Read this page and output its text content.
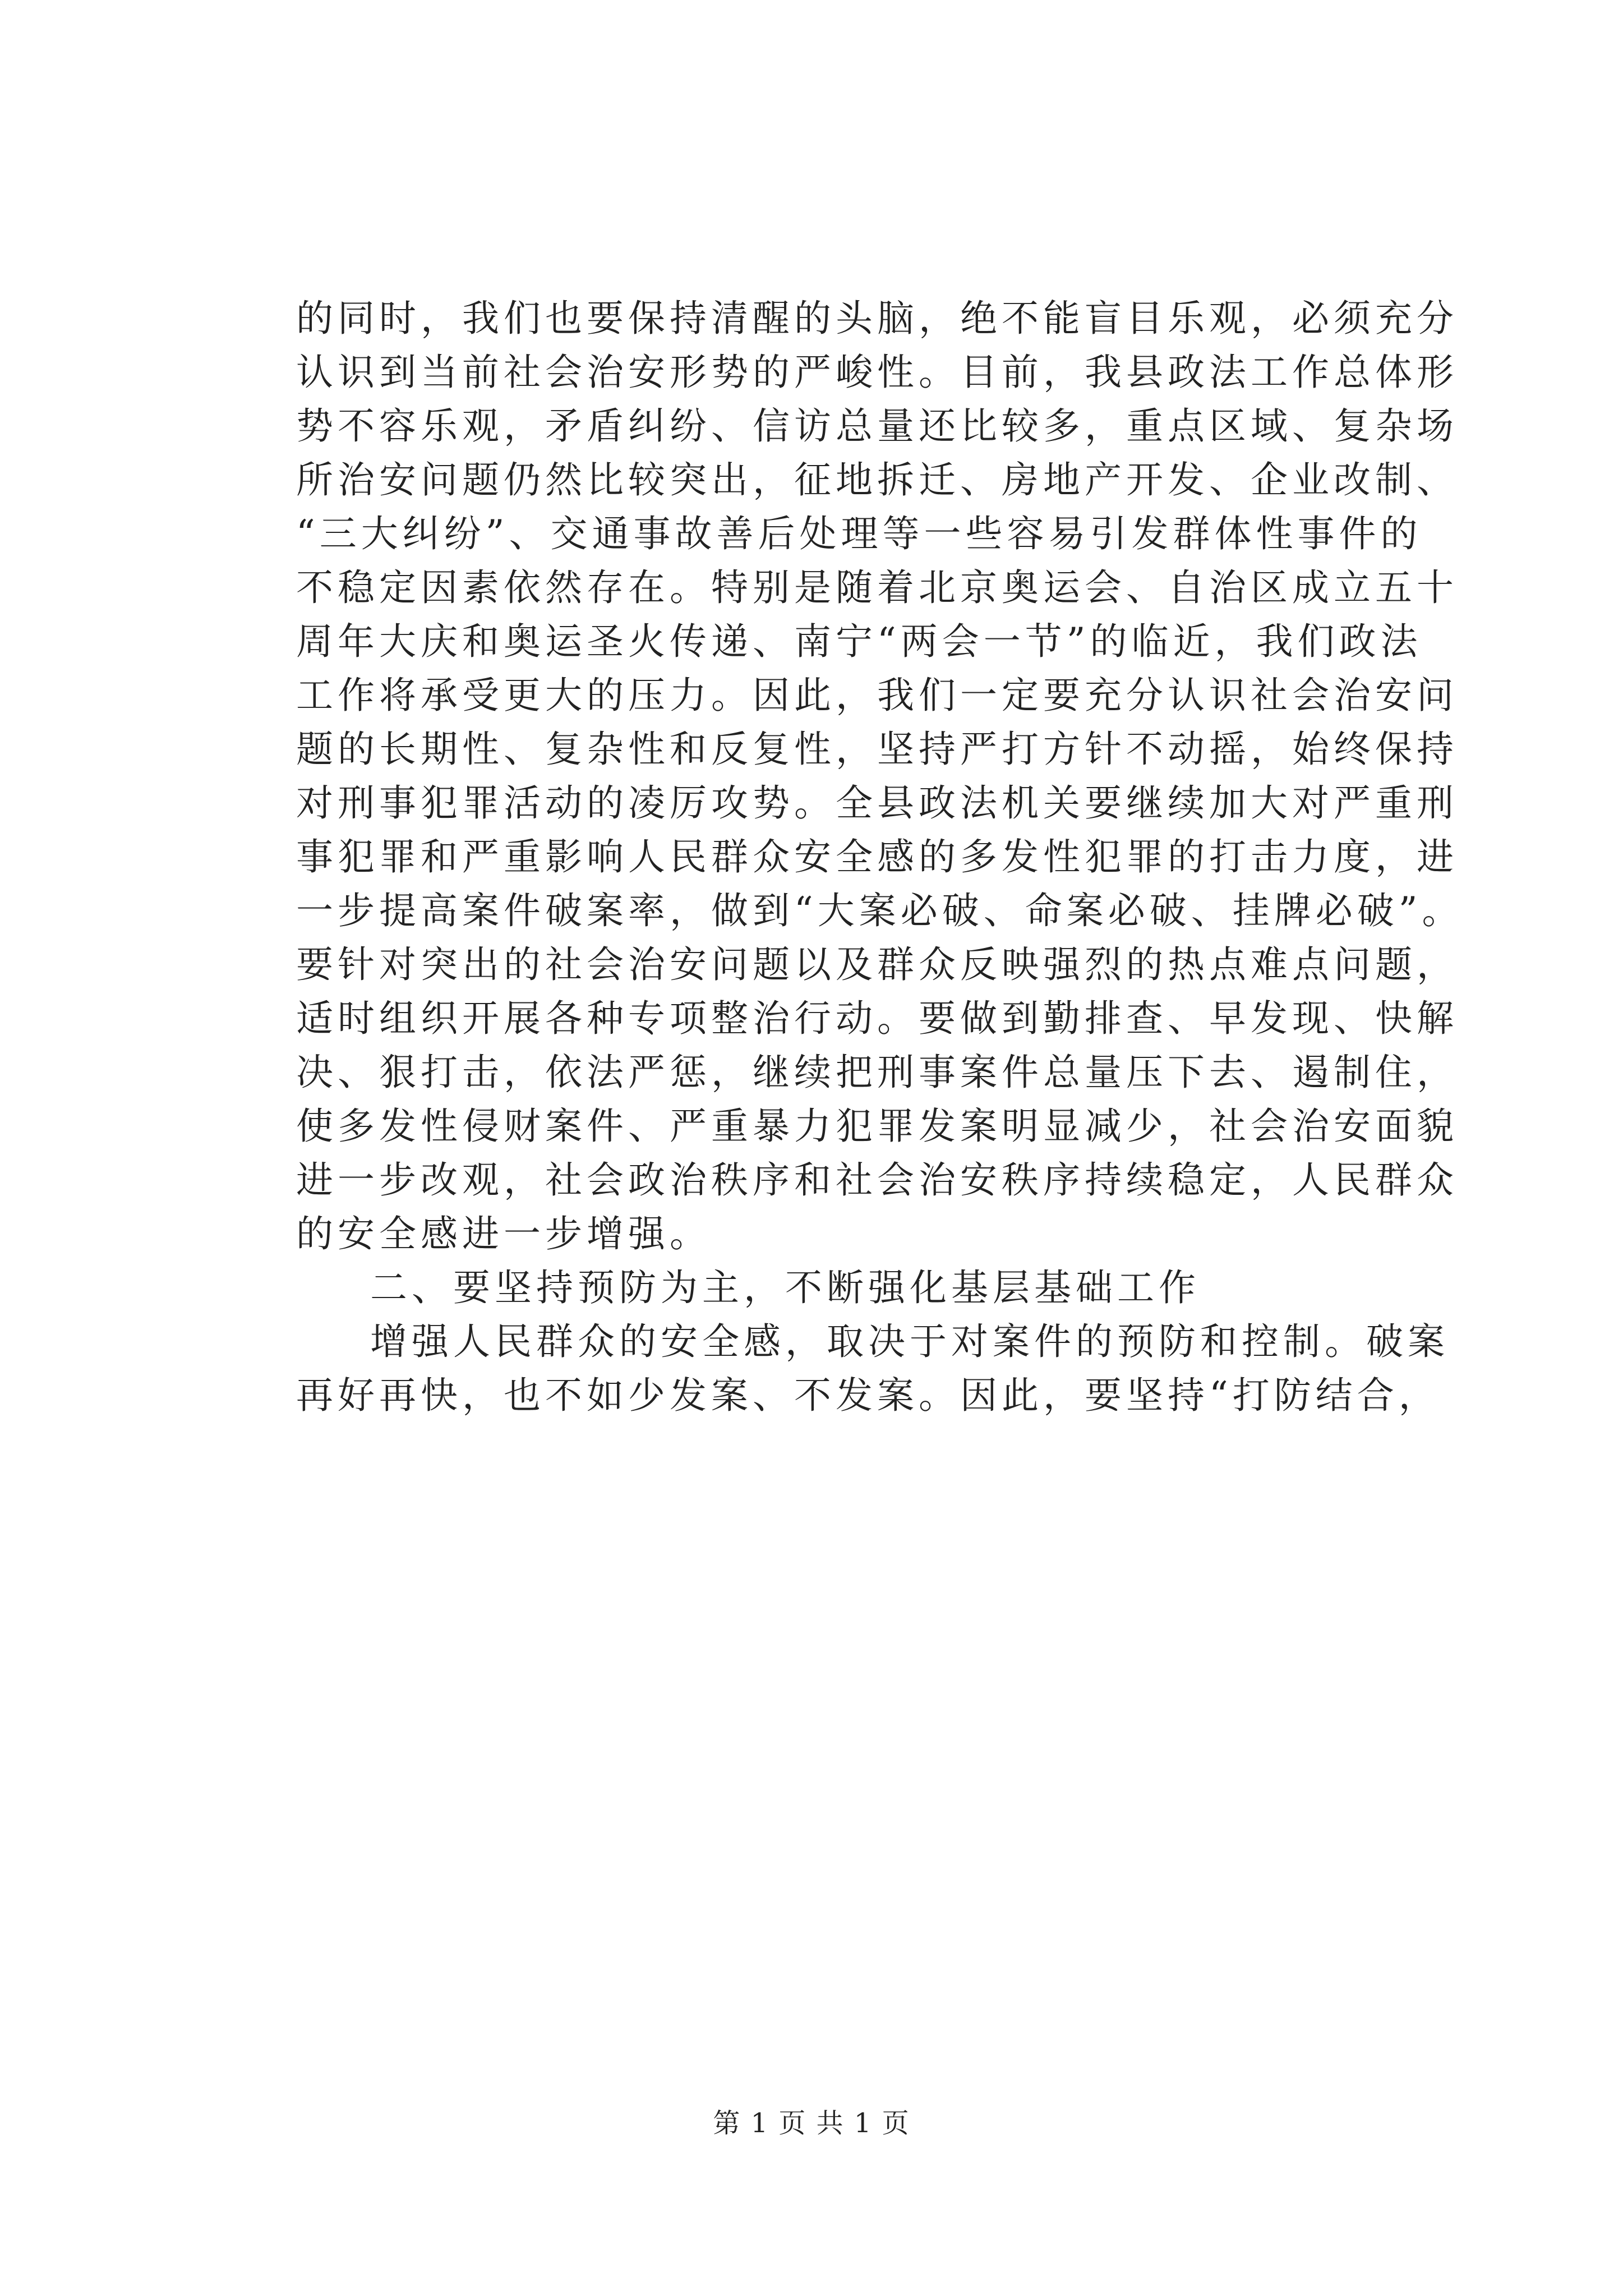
的同时，我们也要保持清醒的头脑，绝不能盲目乐观，必须充分
认识到当前社会治安形势的严峻性。目前，我县政法工作总体形
势不容乐观，矛盾纠纷、信访总量还比较多，重点区域、复杂场
所治安问题仍然比较突出，征地拆迁、房地产开发、企业改制、
“三大纠纷”、交通事故善后处理等一些容易引发群体性事件的
不稳定因素依然存在。特别是随着北京奥运会、自治区成立五十
周年大庆和奥运圣火传递、南宁“两会一节”的临近，我们政法
工作将承受更大的压力。因此，我们一定要充分认识社会治安问
题的长期性、复杂性和反复性，坚持严打方针不动摇，始终保持
对刑事犯罪活动的凌厉攻势。全县政法机关要继续加大对严重刑
事犯罪和严重影响人民群众安全感的多发性犯罪的打击力度，进
一步提高案件破案率，做到“大案必破、命案必破、挂牌必破”。
要针对突出的社会治安问题以及群众反映强烈的热点难点问题，
适时组织开展各种专项整治行动。要做到勤排查、早发现、快解
决、狠打击，依法严惩，继续把刑事案件总量压下去、遏制住，
使多发性侵财案件、严重暴力犯罪发案明显减少，社会治安面貌
进一步改观，社会政治秩序和社会治安秩序持续稳定，人民群众
的安全感进一步增强。
二、要坚持预防为主，不断强化基层基础工作
增强人民群众的安全感，取决于对案件的预防和控制。破案
再好再快，也不如少发案、不发案。因此，要坚持“打防结合，
第 1 页 共 1 页
